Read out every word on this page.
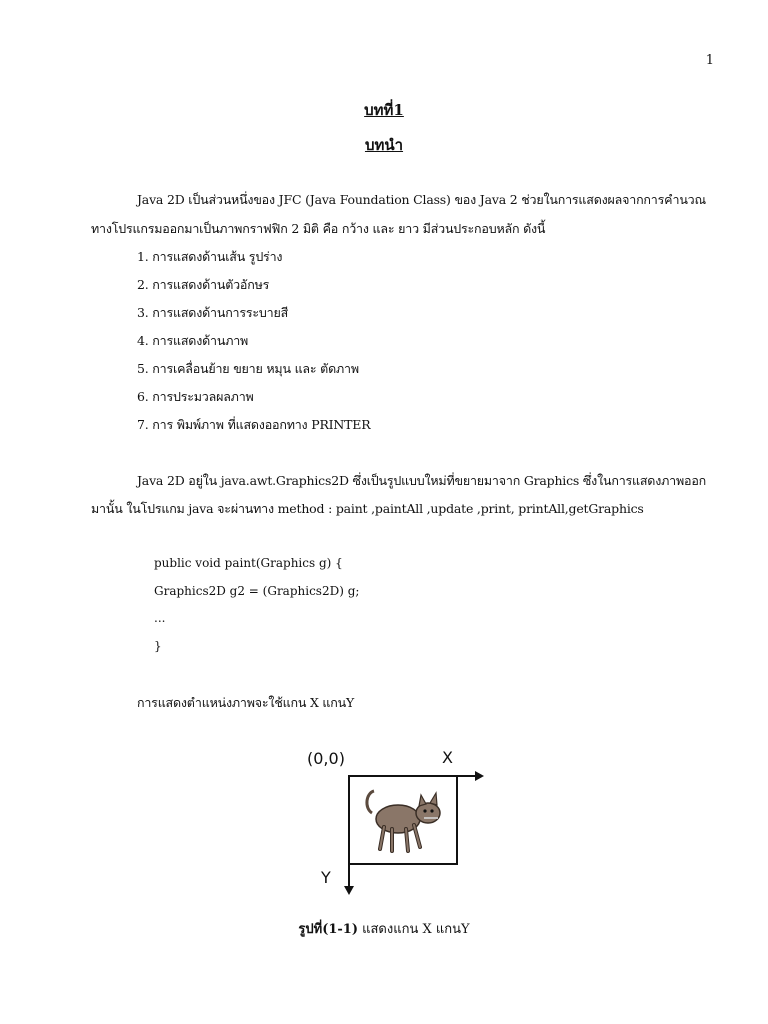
1
บทที่1
บทนำ
Java 2D เป็นส่วนหนึ่งของ JFC (Java Foundation Class) ของ Java 2 ช่วยในการแสดงผลจากการคำนวณ
ทางโปรแกรมออกมาเป็นภาพกราฟฟิก 2 มิติ คือ กว้าง และ ยาว มีส่วนประกอบหลัก ดังนี้
1. การแสดงด้านเส้น รูปร่าง
2. การแสดงด้านตัวอักษร
3. การแสดงด้านการระบายสี
4. การแสดงด้านภาพ
5. การเคลื่อนย้าย ขยาย หมุน และ ตัดภาพ
6. การประมวลผลภาพ
7. การ พิมพ์ภาพ ที่แสดงออกทาง PRINTER
Java 2D อยู่ใน java.awt.Graphics2D ซึ่งเป็นรูปแบบใหม่ที่ขยายมาจาก Graphics ซึ่งในการแสดงภาพออก
มานั้น ในโปรแกม java จะผ่านทาง method : paint ,paintAll ,update ,print, printAll,getGraphics
public void paint(Graphics g) {
Graphics2D g2 = (Graphics2D) g;
...
}
การแสดงตำแหน่งภาพจะใช้แกน X แกนY
(0,0)	X
Y
รูปที่(1-1) แสดงแกน X แกนY
